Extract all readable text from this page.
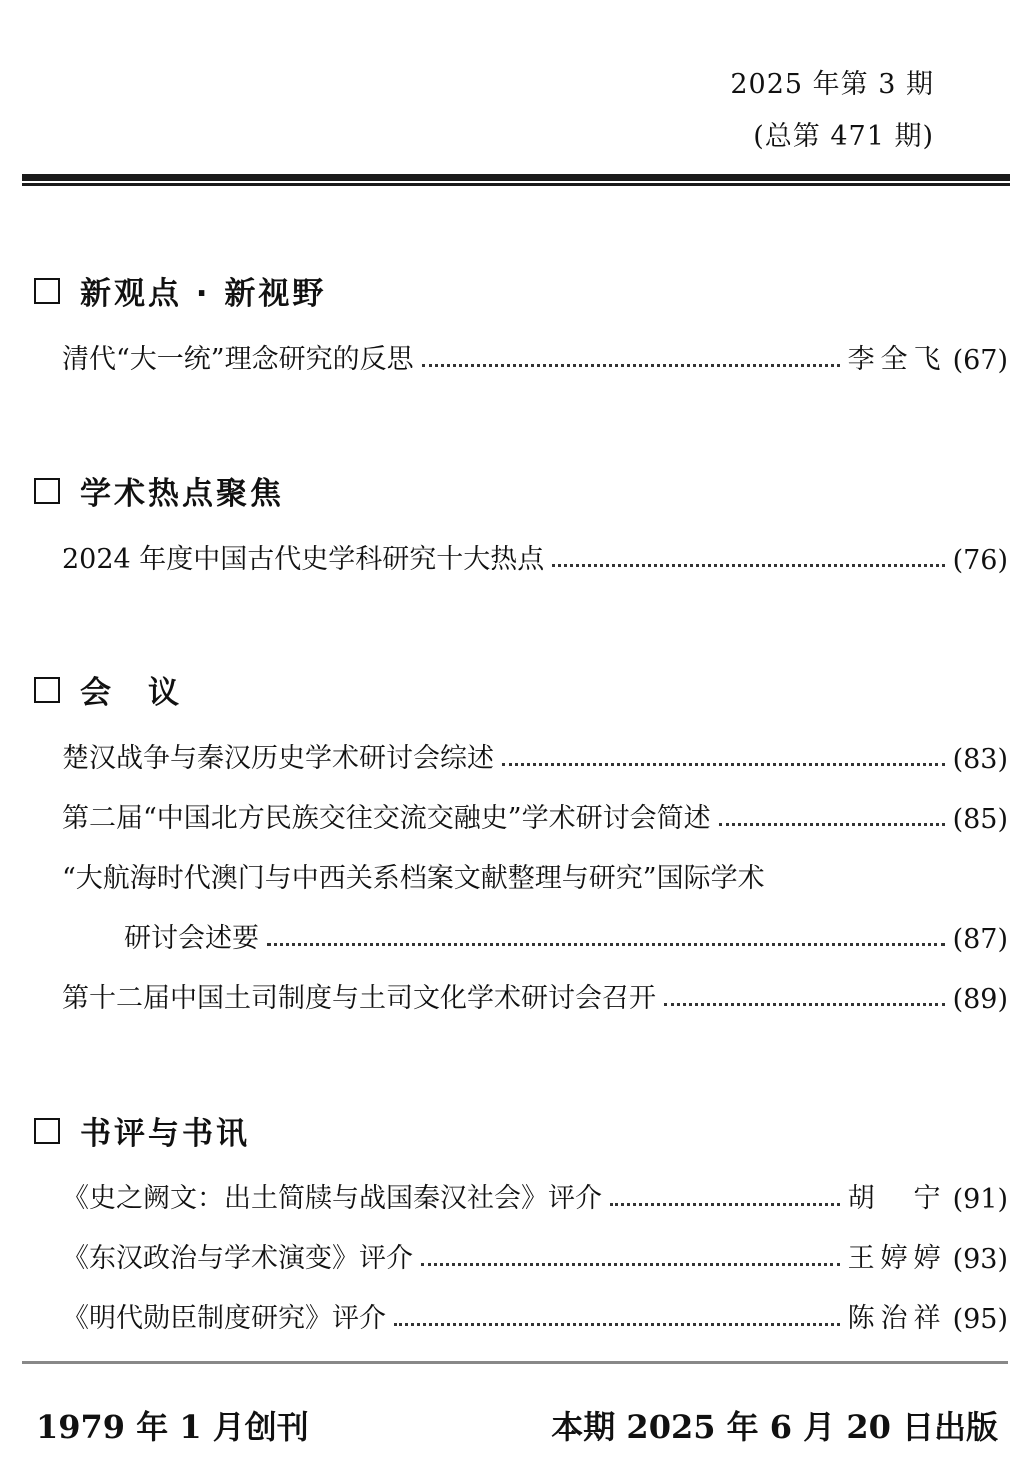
2025 年第 3 期
(总第 471 期)
新观点 · 新视野
清代“大一统”理念研究的反思	李全飞 (67)
学术热点聚焦
2024 年度中国古代史学科研究十大热点	(76)
会　议
楚汉战争与秦汉历史学术研讨会综述	(83)
第二届“中国北方民族交往交流交融史”学术研讨会简述	(85)
“大航海时代澳门与中西关系档案文献整理与研究”国际学术
研讨会述要	(87)
第十二届中国土司制度与土司文化学术研讨会召开	(89)
书评与书讯
《史之阙文：出土简牍与战国秦汉社会》评介	胡　宁 (91)
《东汉政治与学术演变》评介	王婷婷 (93)
《明代勋臣制度研究》评介	陈治祥 (95)
1979 年 1 月创刊	本期 2025 年 6 月 20 日出版
